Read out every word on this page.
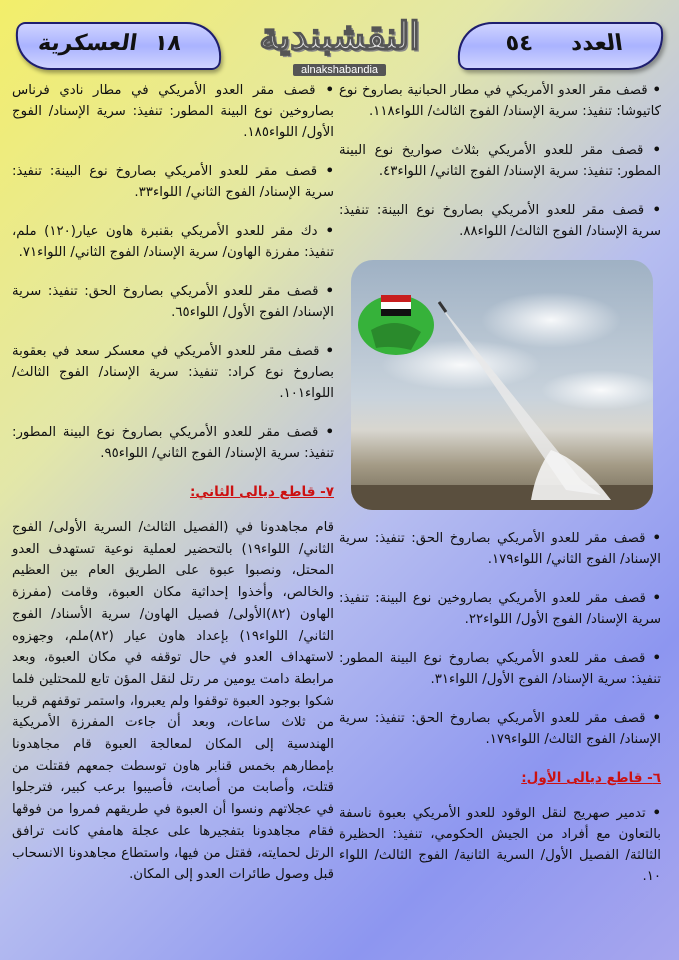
١٨
العسكرية	النقشبندية
alnakshabandia
العدد
٥٤
• قصف مقر العدو الأمريكي في مطار الحبانية بصاروخ نوع كاتيوشا: تنفيذ: سرية الإسناد/ الفوج الثالث/ اللواء١١٨.
• قصف مقر للعدو الأمريكي بثلاث صواريخ نوع البينة المطور: تنفيذ: سرية الإسناد/ الفوج الثاني/ اللواء٤٣.
• قصف مقر للعدو الأمريكي بصاروخ نوع البينة: تنفيذ: سرية الإسناد/ الفوج الثالث/ اللواء٨٨.
• قصف مقر للعدو الأمريكي بصاروخ الحق: تنفيذ: سرية الإسناد/ الفوج الثاني/ اللواء١٧٩.
• قصف مقر للعدو الأمريكي بصاروخين نوع البينة: تنفيذ: سرية الإسناد/ الفوج الأول/ اللواء٢٢.
• قصف مقر للعدو الأمريكي بصاروخ نوع البينة المطور: تنفيذ: سرية الإسناد/ الفوج الأول/ اللواء٣١.
• قصف مقر للعدو الأمريكي بصاروخ الحق: تنفيذ: سرية الإسناد/ الفوج الثالث/ اللواء١٧٩.
٦- قاطع ديالى الأول:
• تدمير صهريج لنقل الوقود للعدو الأمريكي بعبوة ناسفة بالتعاون مع أفراد من الجيش الحكومي، تنفيذ: الحظيرة الثالثة/ الفصيل الأول/ السرية الثانية/ الفوج الثالث/ اللواء ١٠.
• قصف مقر العدو الأمريكي في مطار نادي فرناس بصاروخين نوع البينة المطور: تنفيذ: سرية الإسناد/ الفوج الأول/ اللواء١٨٥.
• قصف مقر للعدو الأمريكي بصاروخ نوع البينة: تنفيذ: سرية الإسناد/ الفوج الثاني/ اللواء٣٣.
• دك مقر للعدو الأمريكي بقنبرة هاون عيار(١٢٠) ملم، تنفيذ: مفرزة الهاون/ سرية الإسناد/ الفوج الثاني/ اللواء٧١.
• قصف مقر للعدو الأمريكي بصاروخ الحق: تنفيذ: سرية الإسناد/ الفوج الأول/ اللواء٦٥.
• قصف مقر للعدو الأمريكي في معسكر سعد في بعقوبة بصاروخ نوع كراد: تنفيذ: سرية الإسناد/ الفوج الثالث/ اللواء١٠١.
• قصف مقر للعدو الأمريكي بصاروخ نوع البينة المطور: تنفيذ: سرية الإسناد/ الفوج الثاني/ اللواء٩٥.
٧- قاطع ديالى الثاني:
قام مجاهدونا في (الفصيل الثالث/ السرية الأولى/ الفوج الثاني/ اللواء١٩) بالتحضير لعملية نوعية تستهدف العدو المحتل، ونصبوا عبوة على الطريق العام بين العظيم والخالص، وأخذوا إحداثية مكان العبوة، وقامت (مفرزة الهاون (٨٢)الأولى/ فصيل الهاون/ سرية الأسناد/ الفوج الثاني/ اللواء١٩) بإعداد هاون عيار (٨٢)ملم، وجهزوه لاستهداف العدو في حال توقفه في مكان العبوة، وبعد مرابطة دامت يومين مر رتل لنقل المؤن تابع للمحتلين فلما شكوا بوجود العبوة توقفوا ولم يعبروا، واستمر توقفهم قريبا من ثلاث ساعات، وبعد أن جاءت المفرزة الأمريكية الهندسية إلى المكان لمعالجة العبوة قام مجاهدونا بإمطارهم بخمس قنابر هاون توسطت جمعهم فقتلت من قتلت، وأصابت من أصابت، فأصيبوا برعب كبير، فترجلوا في عجلاتهم ونسوا أن العبوة في طريقهم فمروا من فوقها فقام مجاهدونا بتفجيرها على عجلة هامفي كانت ترافق الرتل لحمايته، فقتل من فيها، واستطاع مجاهدونا الانسحاب قبل وصول طائرات العدو إلى المكان.
